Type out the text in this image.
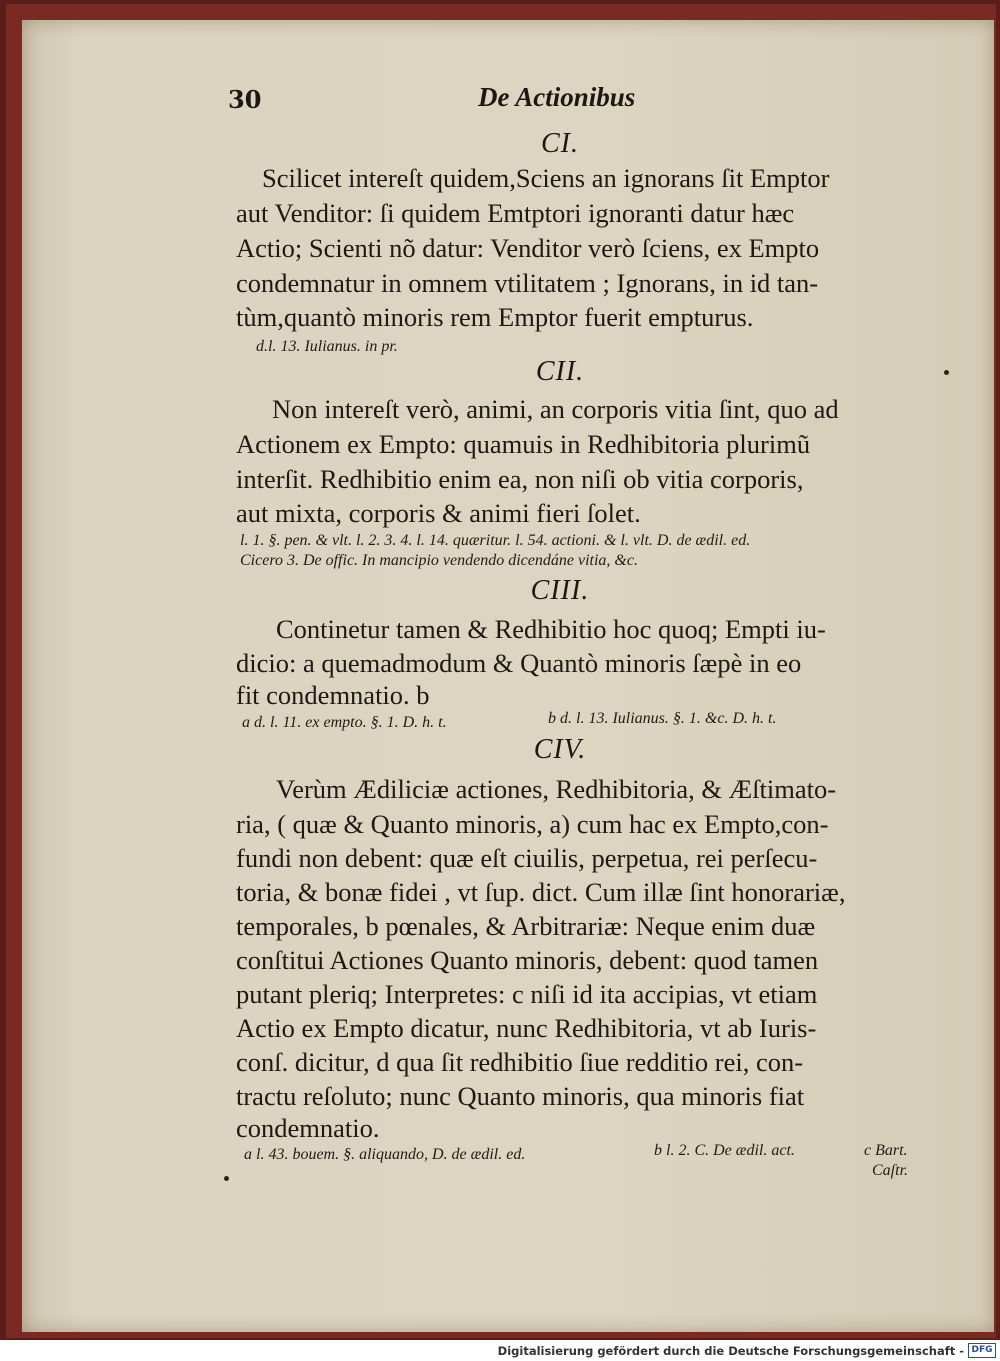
30	De Actionibus
CI.
Scilicet intereſt quidem,Sciens an ignorans ſit Emptor
aut Venditor: ſi quidem Emtptori ignoranti datur hæc
Actio; Scienti nõ datur: Venditor verò ſciens, ex Empto
condemnatur in omnem vtilitatem ; Ignorans, in id tan-
tùm,quantò minoris rem Emptor fuerit empturus.
d.l. 13. Iulianus. in pr.
CII.
Non intereſt verò, animi, an corporis vitia ſint, quo ad
Actionem ex Empto: quamuis in Redhibitoria plurimũ
interſit. Redhibitio enim ea, non niſi ob vitia corporis,
aut mixta, corporis & animi fieri ſolet.
l. 1. §. pen. & vlt. l. 2. 3. 4. l. 14. quæritur. l. 54. actioni. & l. vlt. D. de ædil. ed.
Cicero 3. De offic. In mancipio vendendo dicendáne vitia, &c.
CIII.
Continetur tamen & Redhibitio hoc quoq; Empti iu-
dicio: a quemadmodum & Quantò minoris ſæpè in eo
fit condemnatio. b
a d. l. 11. ex empto. §. 1. D. h. t.	b d. l. 13. Iulianus. §. 1. &c. D. h. t.
CIV.
Verùm Ædiliciæ actiones, Redhibitoria, & Æſtimato-
ria, ( quæ & Quanto minoris, a) cum hac ex Empto,con-
fundi non debent: quæ eſt ciuilis, perpetua, rei perſecu-
toria, & bonæ fidei , vt ſup. dict. Cum illæ ſint honorariæ,
temporales, b pœnales, & Arbitrariæ: Neque enim duæ
conſtitui Actiones Quanto minoris, debent: quod tamen
putant pleriq; Interpretes: c niſi id ita accipias, vt etiam
Actio ex Empto dicatur, nunc Redhibitoria, vt ab Iuris-
conſ. dicitur, d qua ſit redhibitio ſiue redditio rei, con-
tractu reſoluto; nunc Quanto minoris, qua minoris fiat
condemnatio.
a l. 43. bouem. §. aliquando, D. de ædil. ed.	b l. 2. C. De ædil. act.	c Bart.
Caſtr.
Digitalisierung gefördert durch die Deutsche Forschungsgemeinschaft - DFG
